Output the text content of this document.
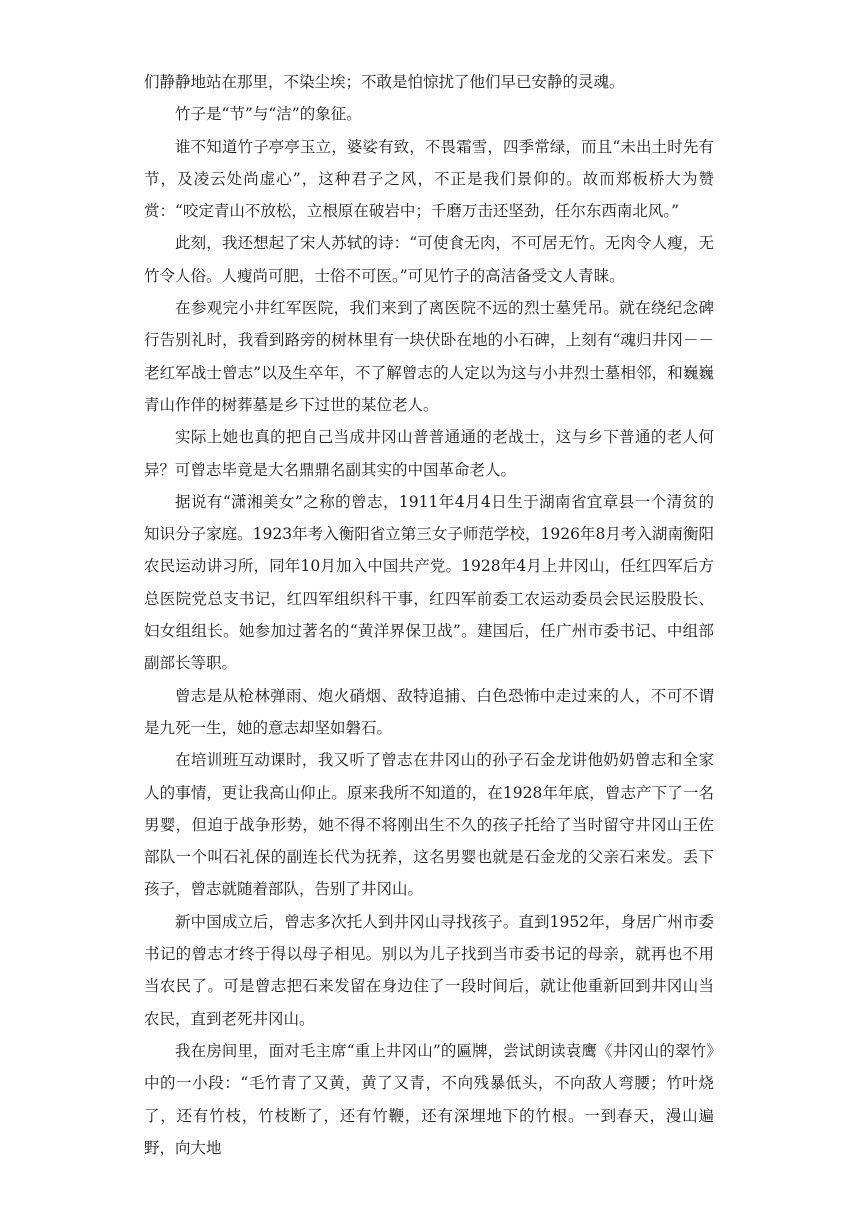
们静静地站在那里，不染尘埃；不敢是怕惊扰了他们早已安静的灵魂。

竹子是“节”与“洁”的象征。

谁不知道竹子亭亭玉立，婆娑有致，不畏霜雪，四季常绿，而且“未出土时先有节，及凌云处尚虚心”，这种君子之风，不正是我们景仰的。故而郑板桥大为赞赏：“咬定青山不放松，立根原在破岩中；千磨万击还坚劲，任尔东西南北风。”

此刻，我还想起了宋人苏轼的诗：“可使食无肉，不可居无竹。无肉令人瘦，无竹令人俗。人瘦尚可肥，士俗不可医。”可见竹子的高洁备受文人青睐。

在参观完小井红军医院，我们来到了离医院不远的烈士墓凭吊。就在绕纪念碑行告别礼时，我看到路旁的树林里有一块伏卧在地的小石碑，上刻有“魂归井冈－－老红军战士曾志”以及生卒年，不了解曾志的人定以为这与小井烈士墓相邻，和巍巍青山作伴的树葬墓是乡下过世的某位老人。

实际上她也真的把自己当成井冈山普普通通的老战士，这与乡下普通的老人何异？可曾志毕竟是大名鼎鼎名副其实的中国革命老人。

据说有“潇湘美女”之称的曾志，1911年4月4日生于湖南省宜章县一个清贫的知识分子家庭。1923年考入衡阳省立第三女子师范学校，1926年8月考入湖南衡阳农民运动讲习所，同年10月加入中国共产党。1928年4月上井冈山，任红四军后方总医院党总支书记，红四军组织科干事，红四军前委工农运动委员会民运股股长、妇女组组长。她参加过著名的“黄洋界保卫战”。建国后，任广州市委书记、中组部副部长等职。

曾志是从枪林弹雨、炮火硝烟、敌特追捕、白色恐怖中走过来的人，不可不谓是九死一生，她的意志却坚如磐石。

在培训班互动课时，我又听了曾志在井冈山的孙子石金龙讲他奶奶曾志和全家人的事情，更让我高山仰止。原来我所不知道的，在1928年年底，曾志产下了一名男婴，但迫于战争形势，她不得不将刚出生不久的孩子托给了当时留守井冈山王佐部队一个叫石礼保的副连长代为抚养，这名男婴也就是石金龙的父亲石来发。丢下孩子，曾志就随着部队，告别了井冈山。

新中国成立后，曾志多次托人到井冈山寻找孩子。直到1952年，身居广州市委书记的曾志才终于得以母子相见。别以为儿子找到当市委书记的母亲，就再也不用当农民了。可是曾志把石来发留在身边住了一段时间后，就让他重新回到井冈山当农民，直到老死井冈山。

我在房间里，面对毛主席“重上井冈山”的匾牌，尝试朗读袁鹰《井冈山的翠竹》中的一小段：“毛竹青了又黄，黄了又青，不向残暴低头，不向敌人弯腰；竹叶烧了，还有竹枝，竹枝断了，还有竹鞭，还有深埋地下的竹根。一到春天，漫山遍野，向大地
